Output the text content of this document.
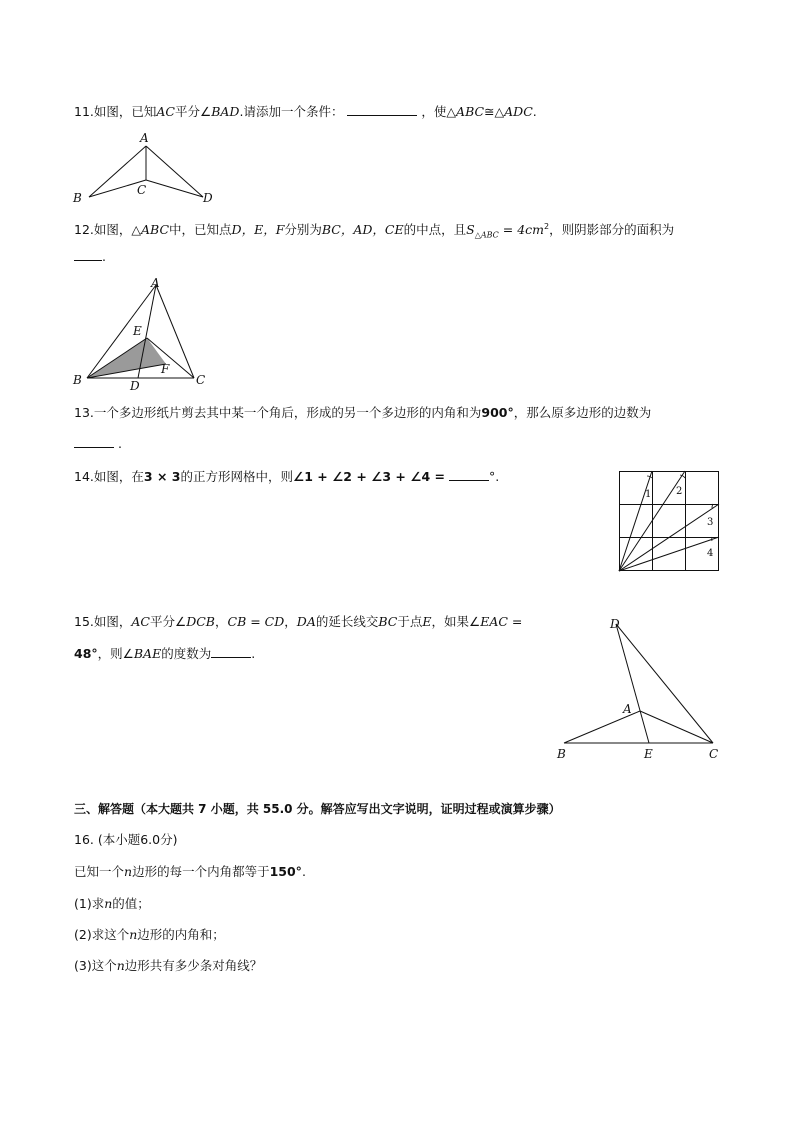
11.如图，已知AC平分∠BAD.请添加一个条件：	，使△ABC≅△ADC.
A
B
C
D
12.如图，△ABC中，已知点D，E，F分别为BC，AD，CE的中点，且$S_{\triangle ABC} = 4cm^2$，则阴影部分的面积为
.
A
B	C
D
E
F
13.一个多边形纸片剪去其中某一个角后，形成的另一个多边形的内角和为900°，那么原多边形的边数为
.
14.如图，在3 × 3的正方形网格中，则∠1 + ∠2 + ∠3 + ∠4 =	°.
1 2
3
4
15.如图，AC平分∠DCB，CB = CD，DA的延长线交BC于点E，如果∠EAC =
48°，则∠BAE的度数为	.
D
A
B	E	C
三、解答题（本大题共 7 小题，共 55.0 分。解答应写出文字说明，证明过程或演算步骤）
16. (本小题6.0分)
已知一个n边形的每一个内角都等于150°.
(1)求n的值；
(2)求这个n边形的内角和；
(3)这个n边形共有多少条对角线？
